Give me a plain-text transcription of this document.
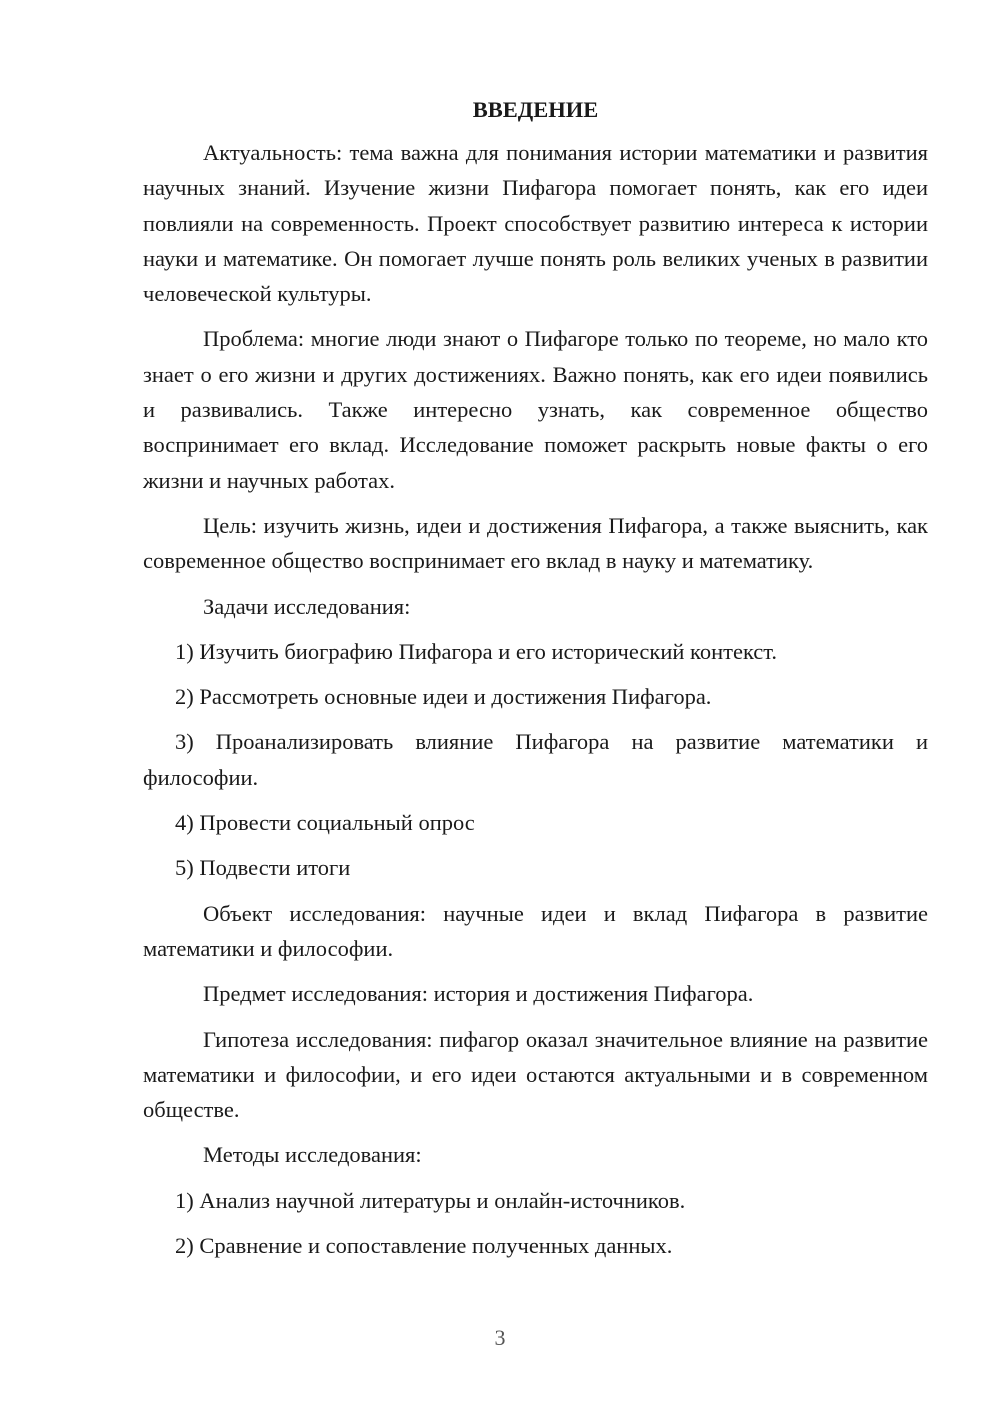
ВВЕДЕНИЕ

Актуальность: тема важна для понимания истории математики и развития научных знаний. Изучение жизни Пифагора помогает понять, как его идеи повлияли на современность. Проект способствует развитию интереса к истории науки и математике. Он помогает лучше понять роль великих ученых в развитии человеческой культуры.

Проблема: многие люди знают о Пифагоре только по теореме, но мало кто знает о его жизни и других достижениях. Важно понять, как его идеи появились и развивались. Также интересно узнать, как современное общество воспринимает его вклад. Исследование поможет раскрыть новые факты о его жизни и научных работах.

Цель: изучить жизнь, идеи и достижения Пифагора, а также выяснить, как современное общество воспринимает его вклад в науку и математику.

Задачи исследования:

1) Изучить биографию Пифагора и его исторический контекст.

2) Рассмотреть основные идеи и достижения Пифагора.

3) Проанализировать влияние Пифагора на развитие математики и философии.

4) Провести социальный опрос

5) Подвести итоги

Объект исследования: научные идеи и вклад Пифагора в развитие математики и философии.

Предмет исследования: история и достижения Пифагора.

Гипотеза исследования: пифагор оказал значительное влияние на развитие математики и философии, и его идеи остаются актуальными и в современном обществе.

Методы исследования:

1) Анализ научной литературы и онлайн-источников.

2) Сравнение и сопоставление полученных данных.

3
